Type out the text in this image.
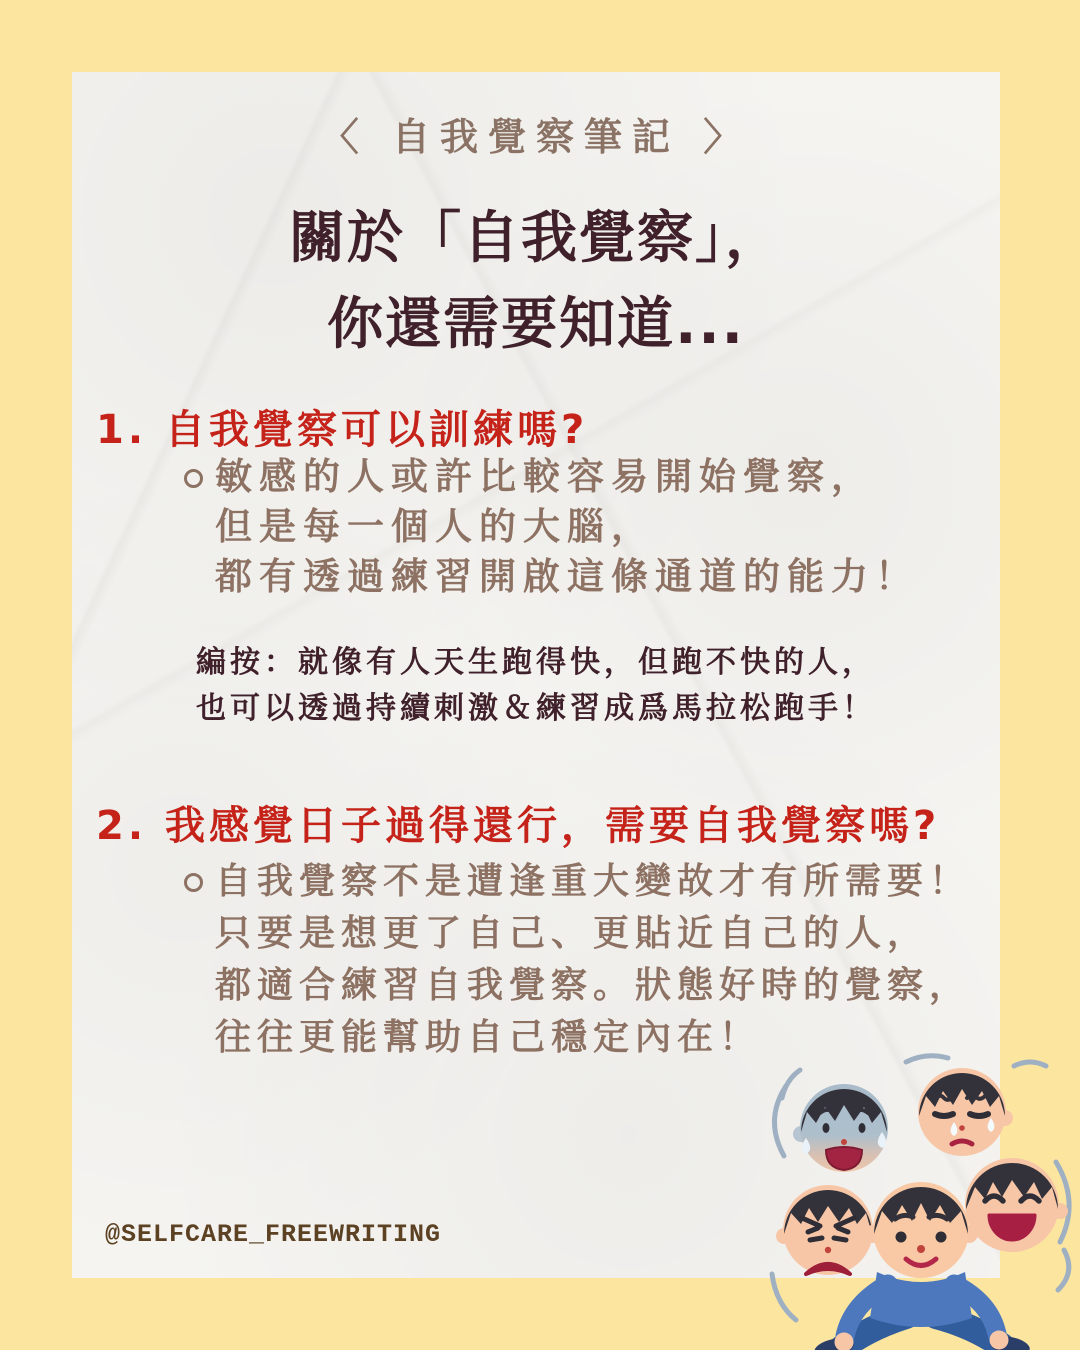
〈 自我覺察筆記 〉
關於「自我覺察」，
你還需要知道...
1. 自我覺察可以訓練嗎?
敏感的人或許比較容易開始覺察，
但是每一個人的大腦，
都有透過練習開啟這條通道的能力！
編按：就像有人天生跑得快，但跑不快的人，
也可以透過持續刺激＆練習成爲馬拉松跑手！
2. 我感覺日子過得還行，需要自我覺察嗎?
自我覺察不是遭逢重大變故才有所需要！
只要是想更了自己、更貼近自己的人，
都適合練習自我覺察。狀態好時的覺察，
往往更能幫助自己穩定內在！
@SELFCARE_FREEWRITING
